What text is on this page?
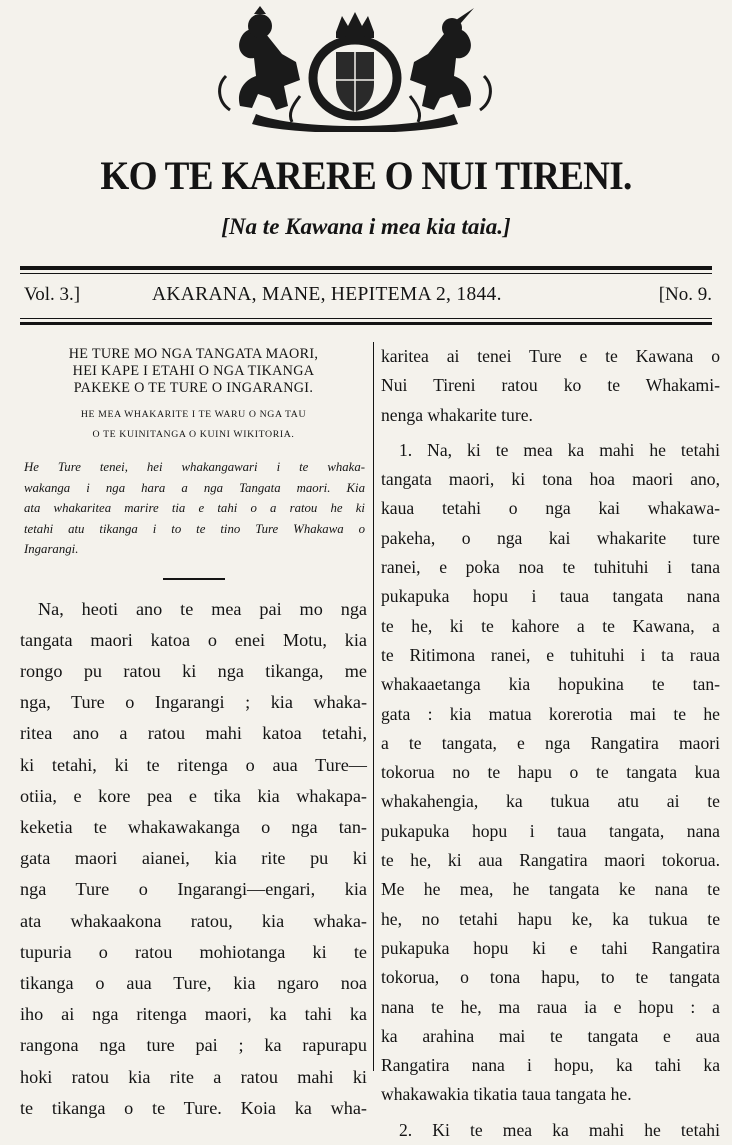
KO TE KARERE O NUI TIRENI.
[Na te Kawana i mea kia taia.]
Vol. 3.]	AKARANA, MANE, HEPITEMA 2, 1844.	[No. 9.
HE TURE MO NGA TANGATA MAORI,
HEI KAPE I ETAHI O NGA TIKANGA
PAKEKE O TE TURE O INGARANGI.
HE MEA WHAKARITE I TE WARU O NGA TAU
O TE KUINITANGA O KUINI WIKITORIA.
He Ture tenei, hei whakangawari i te whaka-
wakanga i nga hara a nga Tangata maori. Kia
ata whakaritea marire tia e tahi o a ratou he ki
tetahi atu tikanga i to te tino Ture Whakawa o
Ingarangi.
Na, heoti ano te mea pai mo nga
tangata maori katoa o enei Motu, kia
rongo pu ratou ki nga tikanga, me
nga, Ture o Ingarangi ; kia whaka-
ritea ano a ratou mahi katoa tetahi,
ki tetahi, ki te ritenga o aua Ture—
otiia, e kore pea e tika kia whakapa-
keketia te whakawakanga o nga tan-
gata maori aianei, kia rite pu ki
nga Ture o Ingarangi—engari, kia
ata whakaakona ratou, kia whaka-
tupuria o ratou mohiotanga ki te
tikanga o aua Ture, kia ngaro noa
iho ai nga ritenga maori, ka tahi ka
rangona nga ture pai ; ka rapurapu
hoki ratou kia rite a ratou mahi ki
te tikanga o te Ture. Koia ka wha-
karitea ai tenei Ture e te Kawana o
Nui Tireni ratou ko te Whakami-
nenga whakarite ture.
1. Na, ki te mea ka mahi he tetahi
tangata maori, ki tona hoa maori ano,
kaua tetahi o nga kai whakawa-
pakeha, o nga kai whakarite ture
ranei, e poka noa te tuhituhi i tana
pukapuka hopu i taua tangata nana
te he, ki te kahore a te Kawana, a
te Ritimona ranei, e tuhituhi i ta raua
whakaaetanga kia hopukina te tan-
gata : kia matua korerotia mai te he
a te tangata, e nga Rangatira maori
tokorua no te hapu o te tangata kua
whakahengia, ka tukua atu ai te
pukapuka hopu i taua tangata, nana
te he, ki aua Rangatira maori tokorua.
Me he mea, he tangata ke nana te
he, no tetahi hapu ke, ka tukua te
pukapuka hopu ki e tahi Rangatira
tokorua, o tona hapu, to te tangata
nana te he, ma raua ia e hopu : a
ka arahina mai te tangata e aua
Rangatira nana i hopu, ka tahi ka
whakawakia tikatia taua tangata he.
2. Ki te mea ka mahi he tetahi
